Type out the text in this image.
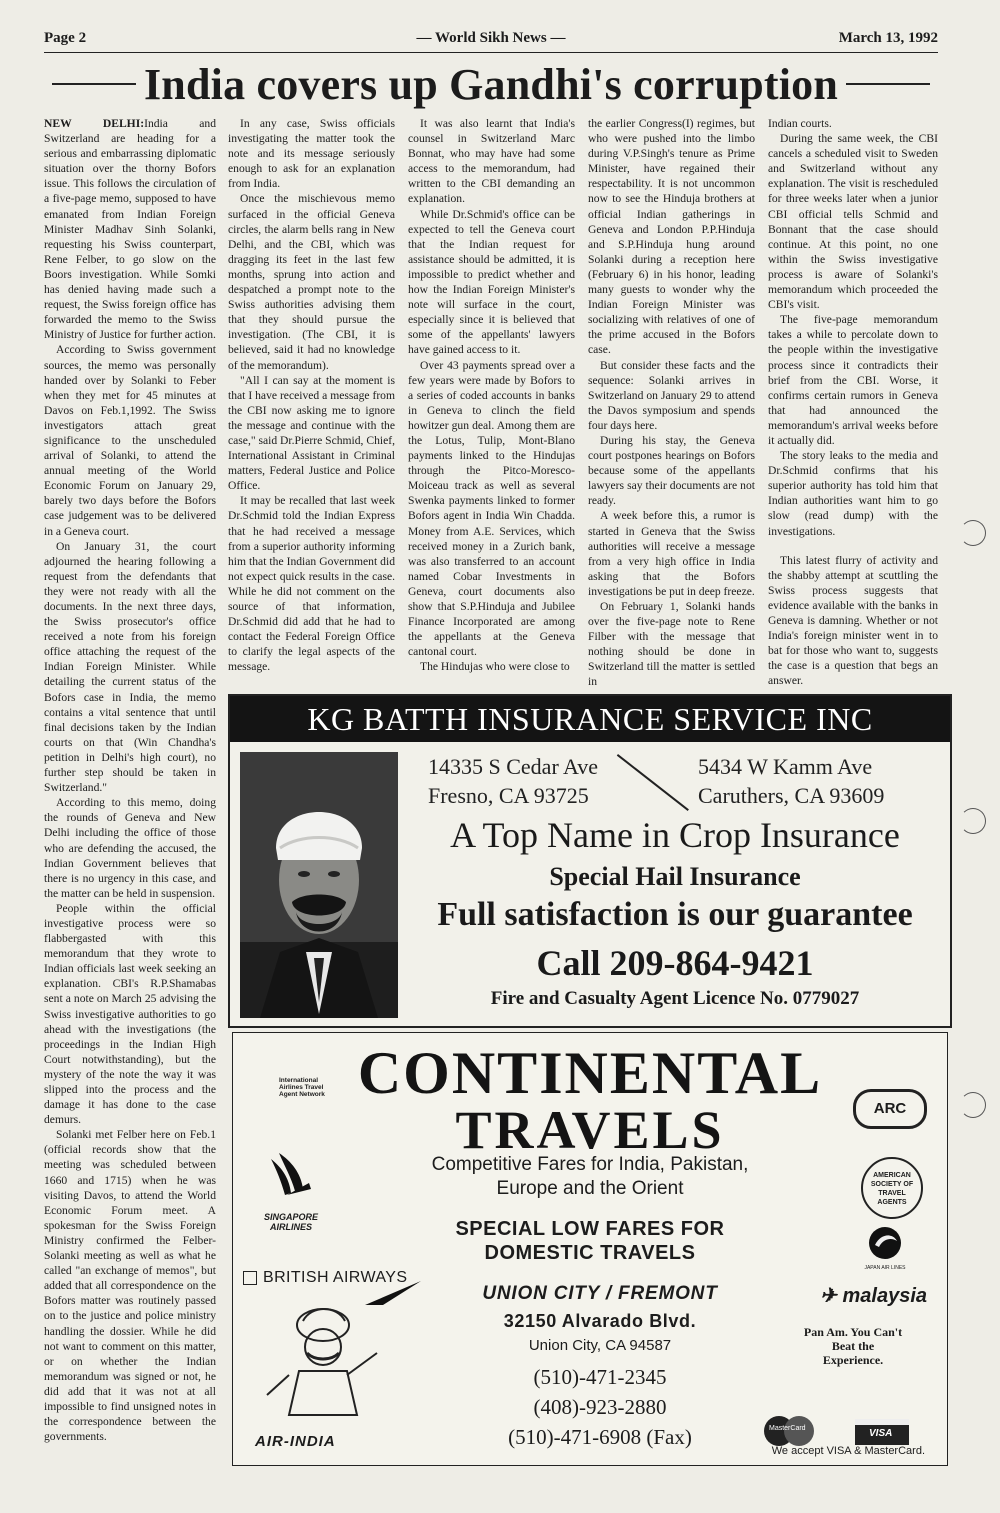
Page 2	— World Sikh News —	March 13, 1992
India covers up Gandhi's corruption

NEW DELHI:India and Switzerland are heading for a serious and embarrassing diplomatic situation over the thorny Bofors issue. This follows the circulation of a five-page memo, supposed to have emanated from Indian Foreign Minister Madhav Sinh Solanki, requesting his Swiss counterpart, Rene Felber, to go slow on the Boors investigation. While Somki has denied having made such a request, the Swiss foreign office has forwarded the memo to the Swiss Ministry of Justice for further action.

According to Swiss government sources, the memo was personally handed over by Solanki to Feber when they met for 45 minutes at Davos on Feb.1,1992. The Swiss investigators attach great significance to the unscheduled arrival of Solanki, to attend the annual meeting of the World Economic Forum on January 29, barely two days before the Bofors case judgement was to be delivered in a Geneva court.

On January 31, the court adjourned the hearing following a request from the defendants that they were not ready with all the documents. In the next three days, the Swiss prosecutor's office received a note from his foreign office attaching the request of the Indian Foreign Minister. While detailing the current status of the Bofors case in India, the memo contains a vital sentence that until final decisions taken by the Indian courts on that (Win Chandha's petition in Delhi's high court), no further step should be taken in Switzerland."

According to this memo, doing the rounds of Geneva and New Delhi including the office of those who are defending the accused, the Indian Government believes that there is no urgency in this case, and the matter can be held in suspension.

People within the official investigative process were so flabbergasted with this memorandum that they wrote to Indian officials last week seeking an explanation. CBI's R.P.Shamabas sent a note on March 25 advising the Swiss investigative authorities to go ahead with the investigations (the proceedings in the Indian High Court notwithstanding), but the mystery of the note the way it was slipped into the process and the damage it has done to the case demurs.

Solanki met Felber here on Feb.1 (official records show that the meeting was scheduled between 1660 and 1715) when he was visiting Davos, to attend the World Economic Forum meet. A spokesman for the Swiss Foreign Ministry confirmed the Felber-Solanki meeting as well as what he called "an exchange of memos", but added that all correspondence on the Bofors matter was routinely passed on to the justice and police ministry handling the dossier. While he did not want to comment on this matter, or on whether the Indian memorandum was signed or not, he did add that it was not at all impossible to find unsigned notes in the correspondence between the governments.

In any case, Swiss officials investigating the matter took the note and its message seriously enough to ask for an explanation from India.

Once the mischievous memo surfaced in the official Geneva circles, the alarm bells rang in New Delhi, and the CBI, which was dragging its feet in the last few months, sprung into action and despatched a prompt note to the Swiss authorities advising them that they should pursue the investigation. (The CBI, it is believed, said it had no knowledge of the memorandum).

"All I can say at the moment is that I have received a message from the CBI now asking me to ignore the message and continue with the case," said Dr.Pierre Schmid, Chief, International Assistant in Criminal matters, Federal Justice and Police Office.

It may be recalled that last week Dr.Schmid told the Indian Express that he had received a message from a superior authority informing him that the Indian Government did not expect quick results in the case. While he did not comment on the source of that information, Dr.Schmid did add that he had to contact the Federal Foreign Office to clarify the legal aspects of the message.

It was also learnt that India's counsel in Switzerland Marc Bonnat, who may have had some access to the memorandum, had written to the CBI demanding an explanation.

While Dr.Schmid's office can be expected to tell the Geneva court that the Indian request for assistance should be admitted, it is impossible to predict whether and how the Indian Foreign Minister's note will surface in the court, especially since it is believed that some of the appellants' lawyers have gained access to it.

Over 43 payments spread over a few years were made by Bofors to a series of coded accounts in banks in Geneva to clinch the field howitzer gun deal. Among them are the Lotus, Tulip, Mont-Blano payments linked to the Hindujas through the Pitco-Moresco-Moiceau track as well as several Swenka payments linked to former Bofors agent in India Win Chadda. Money from A.E. Services, which received money in a Zurich bank, was also transferred to an account named Cobar Investments in Geneva, court documents also show that S.P.Hinduja and Jubilee Finance Incorporated are among the appellants at the Geneva cantonal court.

The Hindujas who were close to

the earlier Congress(I) regimes, but who were pushed into the limbo during V.P.Singh's tenure as Prime Minister, have regained their respectability. It is not uncommon now to see the Hinduja brothers at official Indian gatherings in Geneva and London P.P.Hinduja and S.P.Hinduja hung around Solanki during a reception here (February 6) in his honor, leading many guests to wonder why the Indian Foreign Minister was socializing with relatives of one of the prime accused in the Bofors case.

But consider these facts and the sequence: Solanki arrives in Switzerland on January 29 to attend the Davos symposium and spends four days here.

During his stay, the Geneva court postpones hearings on Bofors because some of the appellants lawyers say their documents are not ready.

A week before this, a rumor is started in Geneva that the Swiss authorities will receive a message from a very high office in India asking that the Bofors investigations be put in deep freeze.

On February 1, Solanki hands over the five-page note to Rene Filber with the message that nothing should be done in Switzerland till the matter is settled in

Indian courts.

During the same week, the CBI cancels a scheduled visit to Sweden and Switzerland without any explanation. The visit is rescheduled for three weeks later when a junior CBI official tells Schmid and Bonnant that the case should continue. At this point, no one within the Swiss investigative process is aware of Solanki's memorandum which proceeded the CBI's visit.

The five-page memorandum takes a while to percolate down to the people within the investigative process since it contradicts their brief from the CBI. Worse, it confirms certain rumors in Geneva that had announced the memorandum's arrival weeks before it actually did.

The story leaks to the media and Dr.Schmid confirms that his superior authority has told him that Indian authorities want him to go slow (read dump) with the investigations.

This latest flurry of activity and the shabby attempt at scuttling the Swiss process suggests that evidence available with the banks in Geneva is damning. Whether or not India's foreign minister went in to bat for those who want to, suggests the case is a question that begs an answer.

KG BATTH INSURANCE SERVICE INC
14335 S Cedar Ave
Fresno, CA 93725
5434 W Kamm Ave
Caruthers, CA 93609
A Top Name in Crop Insurance
Special Hail Insurance
Full satisfaction is our guarantee
Call 209-864-9421
Fire and Casualty Agent Licence No. 0779027
International Airlines Travel Agent Network CONTINENTAL
TRAVELS	ARC
SINGAPORE AIRLINES
Competitive Fares for India, Pakistan,
Europe and the Orient
AMERICAN SOCIETY OF TRAVEL AGENTS
SPECIAL LOW FARES FOR
DOMESTIC TRAVELS
JAPAN AIR LINES
BRITISH AIRWAYS
UNION CITY / FREMONT
32150 Alvarado Blvd.
Union City, CA 94587
(510)-471-2345
(408)-923-2880
(510)-471-6908 (Fax)
✈ malaysia
Pan Am. You Can't Beat the Experience.
AIR-INDIA
MasterCard	VISA
We accept VISA & MasterCard.
